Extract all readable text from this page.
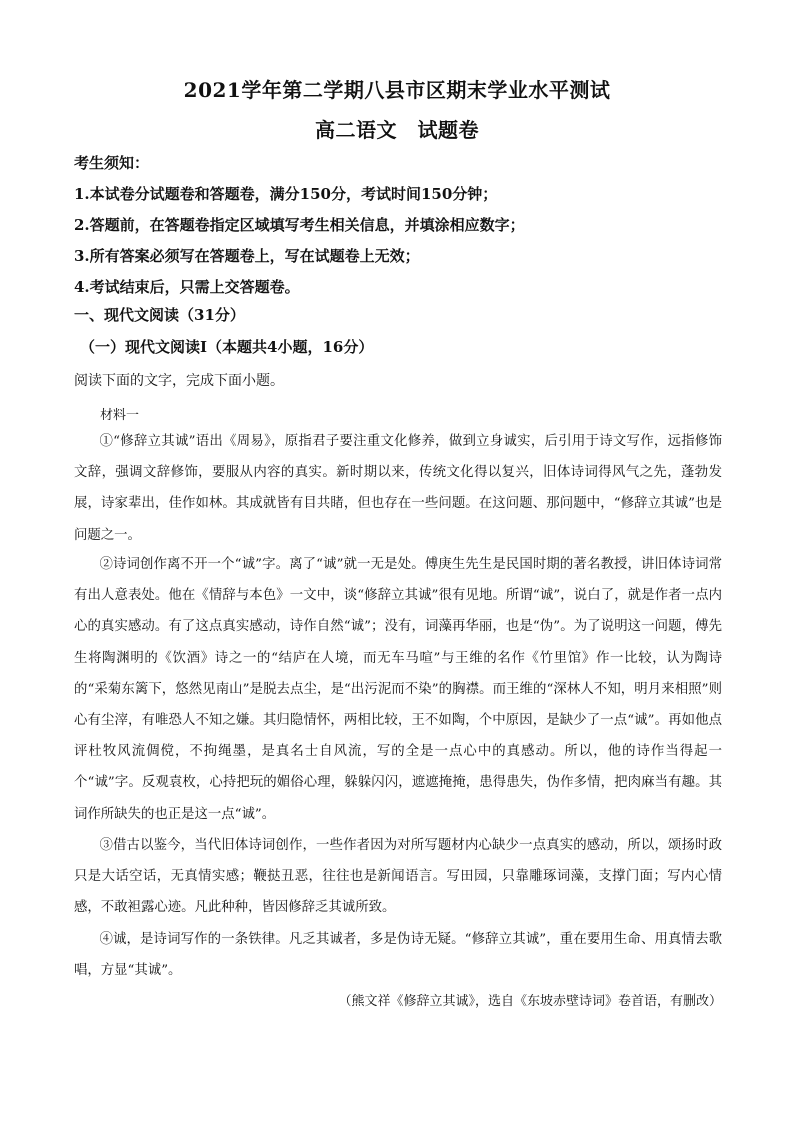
2021学年第二学期八县市区期末学业水平测试
高二语文　试题卷
考生须知：
1.本试卷分试题卷和答题卷，满分150分，考试时间150分钟；
2.答题前，在答题卷指定区域填写考生相关信息，并填涂相应数字；
3.所有答案必须写在答题卷上，写在试题卷上无效；
4.考试结束后，只需上交答题卷。
一、现代文阅读（31分）
（一）现代文阅读Ⅰ（本题共4小题，16分）
阅读下面的文字，完成下面小题。
材料一

①“修辞立其诚”语出《周易》，原指君子要注重文化修养，做到立身诚实，后引用于诗文写作，远指修饰文辞，强调文辞修饰，要服从内容的真实。新时期以来，传统文化得以复兴，旧体诗词得风气之先，蓬勃发展，诗家辈出，佳作如林。其成就皆有目共睹，但也存在一些问题。在这问题、那问题中，“修辞立其诚”也是问题之一。

②诗词创作离不开一个“诚”字。离了“诚”就一无是处。傅庚生先生是民国时期的著名教授，讲旧体诗词常有出人意表处。他在《情辞与本色》一文中，谈“修辞立其诚”很有见地。所谓“诚”，说白了，就是作者一点内心的真实感动。有了这点真实感动，诗作自然“诚”；没有，词藻再华丽，也是“伪”。为了说明这一问题，傅先生将陶渊明的《饮酒》诗之一的“结庐在人境，而无车马喧”与王维的名作《竹里馆》作一比较，认为陶诗的“采菊东篱下，悠然见南山”是脱去点尘，是“出污泥而不染”的胸襟。而王维的“深林人不知，明月来相照”则心有尘滓，有唯恐人不知之嫌。其归隐情怀，两相比较，王不如陶，个中原因，是缺少了一点“诚”。再如他点评杜牧风流倜傥，不拘绳墨，是真名士自风流，写的全是一点心中的真感动。所以，他的诗作当得起一个“诚”字。反观袁枚，心持把玩的媚俗心理，躲躲闪闪，遮遮掩掩，患得患失，伪作多情，把肉麻当有趣。其词作所缺失的也正是这一点“诚”。

③借古以鉴今，当代旧体诗词创作，一些作者因为对所写题材内心缺少一点真实的感动，所以，颂扬时政只是大话空话，无真情实感；鞭挞丑恶，往往也是新闻语言。写田园，只靠雕琢词藻，支撑门面；写内心情感，不敢袒露心迹。凡此种种，皆因修辞乏其诚所致。

④诚，是诗词写作的一条铁律。凡乏其诚者，多是伪诗无疑。“修辞立其诚”，重在要用生命、用真情去歌唱，方显“其诚”。

（熊文祥《修辞立其诚》，选自《东坡赤壁诗词》卷首语，有删改）
